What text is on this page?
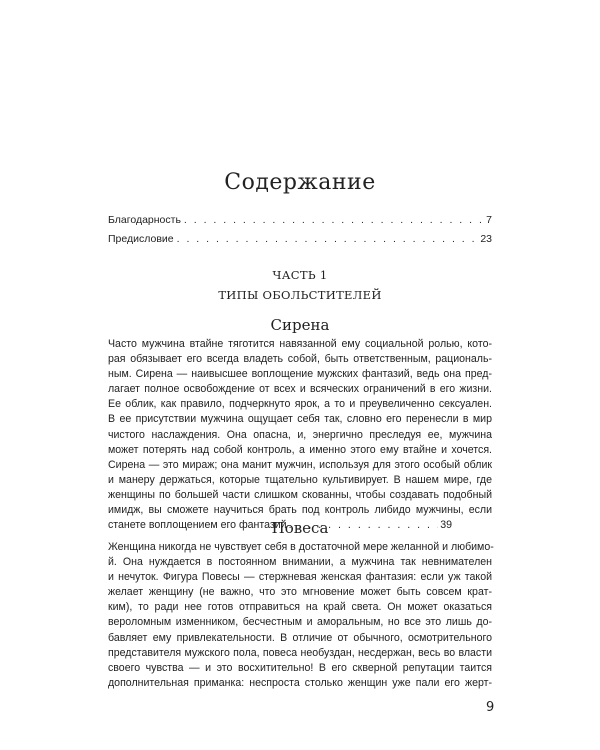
Содержание
Благодарность . . .	7
Предисловие . . .	23
ЧАСТЬ 1
ТИПЫ ОБОЛЬСТИТЕЛЕЙ
Сирена
Часто мужчина втайне тяготится навязанной ему социальной ролью, кото-
рая обязывает его всегда владеть собой, быть ответственным, рациональ-
ным. Сирена — наивысшее воплощение мужских фантазий, ведь она пред-
лагает полное освобождение от всех и всяческих ограничений в его жизни.
Ее облик, как правило, подчеркнуто ярок, а то и преувеличенно сексуален.
В ее присутствии мужчина ощущает себя так, словно его перенесли в мир
чистого наслаждения. Она опасна, и, энергично преследуя ее, мужчина
может потерять над собой контроль, а именно этого ему втайне и хочется.
Сирена — это мираж; она манит мужчин, используя для этого особый облик
и манеру держаться, которые тщательно культивирует. В нашем мире, где
женщины по большей части слишком скованны, чтобы создавать подобный
имидж, вы сможете научиться брать под контроль либидо мужчины, если
станете воплощением его фантазий . . .	39
Повеса
Женщина никогда не чувствует себя в достаточной мере желанной и любимо-
й. Она нуждается в постоянном внимании, а мужчина так невнимателен
и нечуток. Фигура Повесы — стержневая женская фантазия: если уж такой
желает женщину (не важно, что это мгновение может быть совсем крат-
ким), то ради нее готов отправиться на край света. Он может оказаться
вероломным изменником, бесчестным и аморальным, но все это лишь до-
бавляет ему привлекательности. В отличие от обычного, осмотрительного
представителя мужского пола, повеса необуздан, несдержан, весь во власти
своего чувства — и это восхитительно! В его скверной репутации таится
дополнительная приманка: неспроста столько женщин уже пали его жерт-
9
